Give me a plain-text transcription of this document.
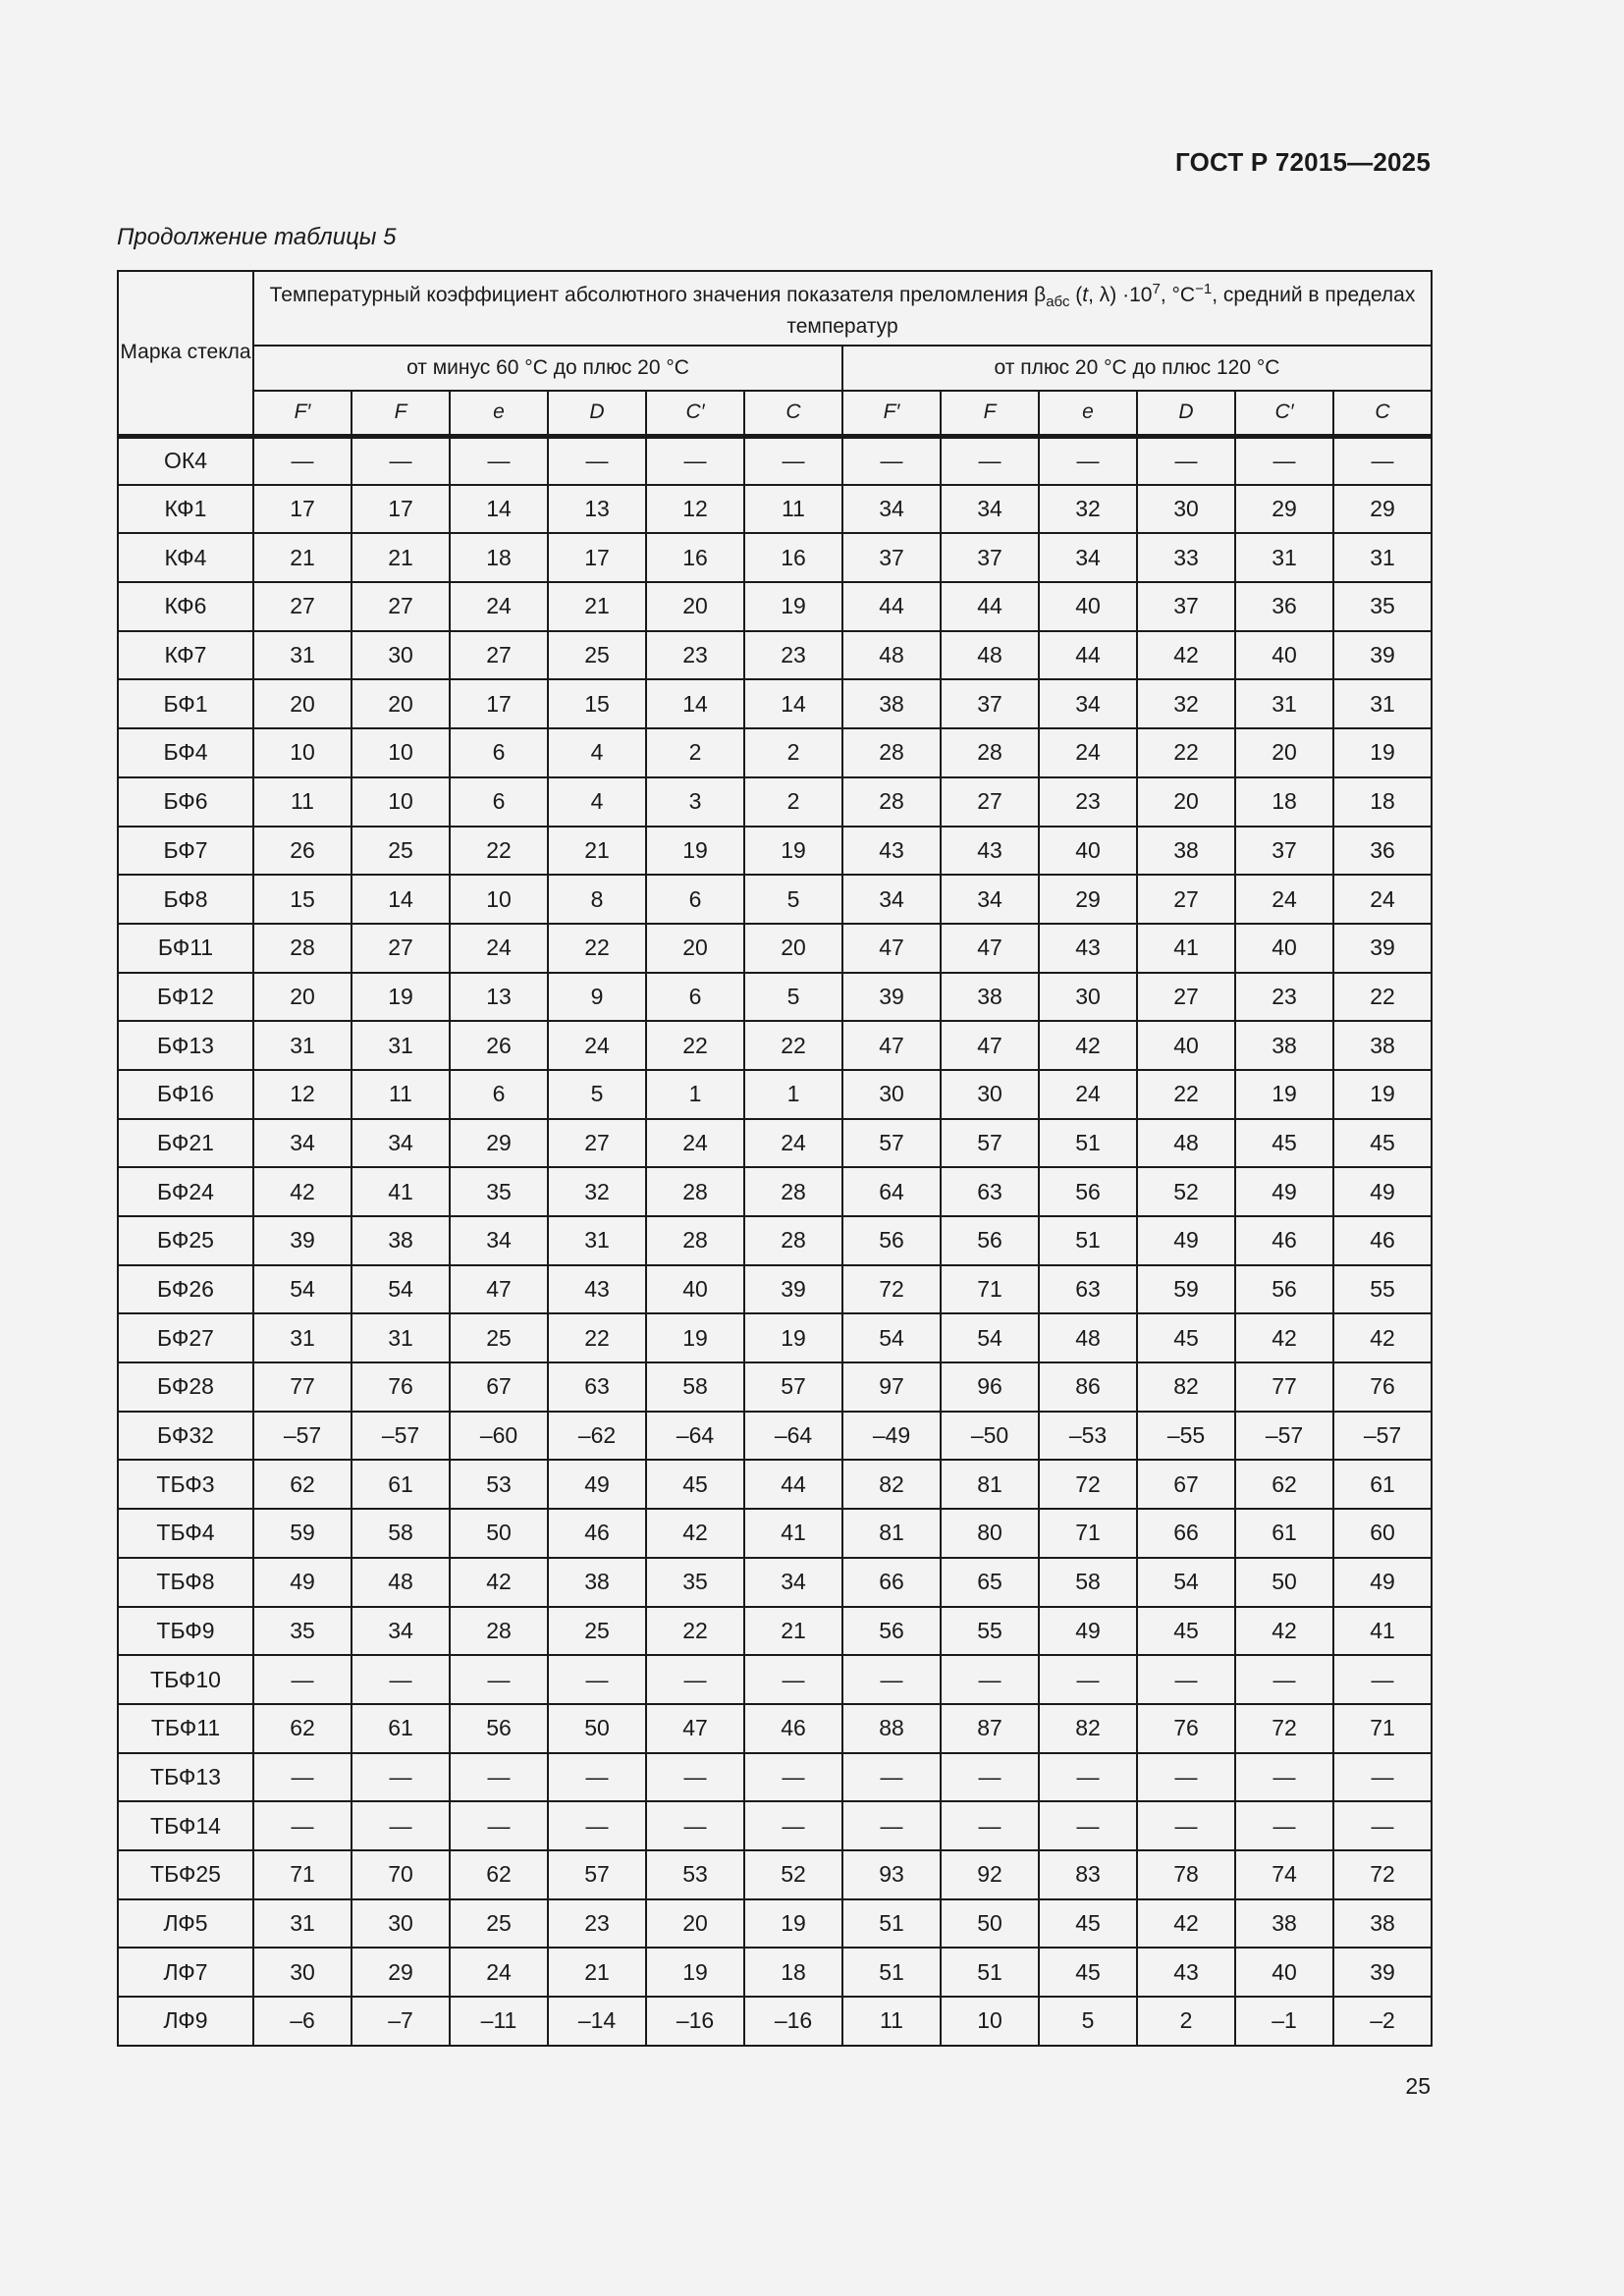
ГОСТ Р 72015—2025
Продолжение таблицы 5
Марка стекла	Температурный коэффициент абсолютного значения показателя преломления $\beta_{абс}$ (t, $\lambda) \cdot 10^7$, $^\circ С^{-1}$, средний в пределах температур											
	от минус 60 °С до плюс 20 °С						от плюс 20 °С до плюс 120 °С					
	F′	F	e	D	C′	C	F′	F	e	D	C′	C
ОК4	—	—	—	—	—	—	—	—	—	—	—	—
КФ1	17	17	14	13	12	11	34	34	32	30	29	29
КФ4	21	21	18	17	16	16	37	37	34	33	31	31
КФ6	27	27	24	21	20	19	44	44	40	37	36	35
КФ7	31	30	27	25	23	23	48	48	44	42	40	39
БФ1	20	20	17	15	14	14	38	37	34	32	31	31
БФ4	10	10	6	4	2	2	28	28	24	22	20	19
БФ6	11	10	6	4	3	2	28	27	23	20	18	18
БФ7	26	25	22	21	19	19	43	43	40	38	37	36
БФ8	15	14	10	8	6	5	34	34	29	27	24	24
БФ11	28	27	24	22	20	20	47	47	43	41	40	39
БФ12	20	19	13	9	6	5	39	38	30	27	23	22
БФ13	31	31	26	24	22	22	47	47	42	40	38	38
БФ16	12	11	6	5	1	1	30	30	24	22	19	19
БФ21	34	34	29	27	24	24	57	57	51	48	45	45
БФ24	42	41	35	32	28	28	64	63	56	52	49	49
БФ25	39	38	34	31	28	28	56	56	51	49	46	46
БФ26	54	54	47	43	40	39	72	71	63	59	56	55
БФ27	31	31	25	22	19	19	54	54	48	45	42	42
БФ28	77	76	67	63	58	57	97	96	86	82	77	76
БФ32	–57	–57	–60	–62	–64	–64	–49	–50	–53	–55	–57	–57
ТБФ3	62	61	53	49	45	44	82	81	72	67	62	61
ТБФ4	59	58	50	46	42	41	81	80	71	66	61	60
ТБФ8	49	48	42	38	35	34	66	65	58	54	50	49
ТБФ9	35	34	28	25	22	21	56	55	49	45	42	41
ТБФ10	—	—	—	—	—	—	—	—	—	—	—	—
ТБФ11	62	61	56	50	47	46	88	87	82	76	72	71
ТБФ13	—	—	—	—	—	—	—	—	—	—	—	—
ТБФ14	—	—	—	—	—	—	—	—	—	—	—	—
ТБФ25	71	70	62	57	53	52	93	92	83	78	74	72
ЛФ5	31	30	25	23	20	19	51	50	45	42	38	38
ЛФ7	30	29	24	21	19	18	51	51	45	43	40	39
ЛФ9	–6	–7	–11	–14	–16	–16	11	10	5	2	–1	–2
25
